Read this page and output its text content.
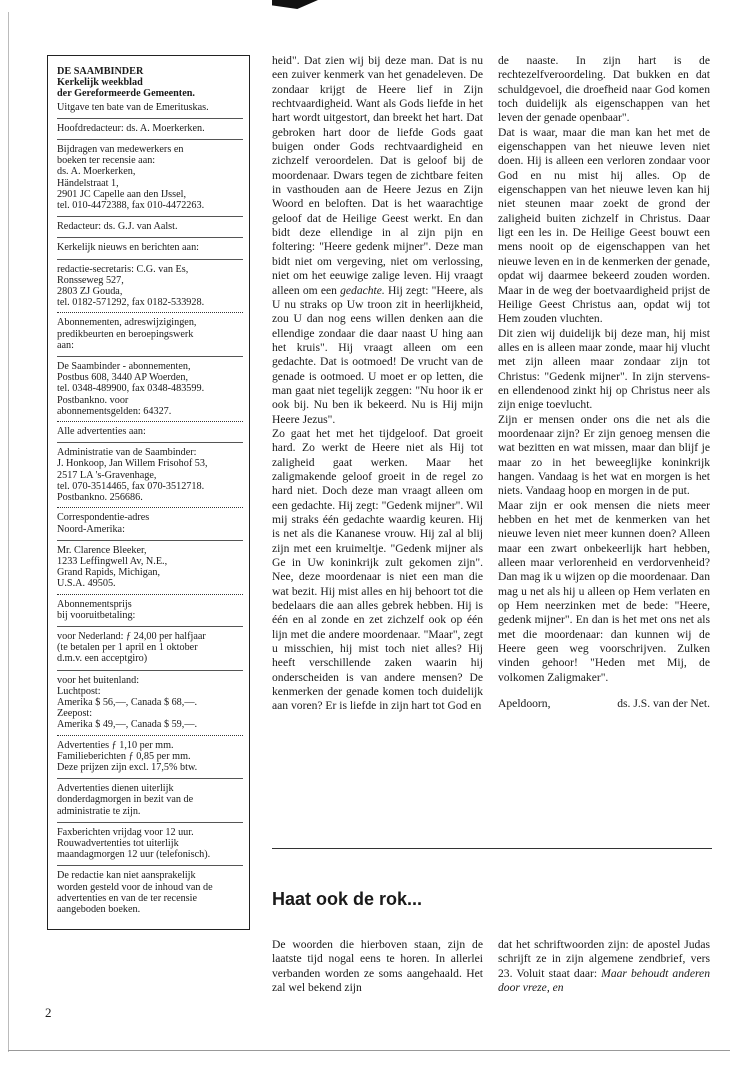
DE SAAMBINDER
Kerkelijk weekblad
der Gereformeerde Gemeenten.
Uitgave ten bate van de Emerituskas.
Hoofdredacteur: ds. A. Moerkerken.
Bijdragen van medewerkers en
boeken ter recensie aan:
ds. A. Moerkerken,
Händelstraat 1,
2901 JC Capelle aan den IJssel,
tel. 010-4472388, fax 010-4472263.
Redacteur: ds. G.J. van Aalst.
Kerkelijk nieuws en berichten aan:
redactie-secretaris: C.G. van Es,
Ronsseweg 527,
2803 ZJ Gouda,
tel. 0182-571292, fax 0182-533928.
Abonnementen, adreswijzigingen,
predikbeurten en beroepingswerk
aan:
De Saambinder - abonnementen,
Postbus 608, 3440 AP Woerden,
tel. 0348-489900, fax 0348-483599.
Postbankno. voor
abonnementsgelden: 64327.
Alle advertenties aan:
Administratie van de Saambinder:
J. Honkoop, Jan Willem Frisohof 53,
2517 LA 's-Gravenhage,
tel. 070-3514465, fax 070-3512718.
Postbankno. 256686.
Correspondentie-adres
Noord-Amerika:
Mr. Clarence Bleeker,
1233 Leffingwell Av, N.E.,
Grand Rapids, Michigan,
U.S.A. 49505.
Abonnementsprijs
bij vooruitbetaling:
voor Nederland: ƒ 24,00 per halfjaar
(te betalen per 1 april en 1 oktober
d.m.v. een acceptgiro)
voor het buitenland:
Luchtpost:
Amerika $ 56,—, Canada $ 68,—.
Zeepost:
Amerika $ 49,—, Canada $ 59,—.
Advertenties ƒ 1,10 per mm.
Familieberichten ƒ 0,85 per mm.
Deze prijzen zijn excl. 17,5% btw.
Advertenties dienen uiterlijk
donderdagmorgen in bezit van de
administratie te zijn.
Faxberichten vrijdag voor 12 uur.
Rouwadvertenties tot uiterlijk
maandagmorgen 12 uur (telefonisch).
De redactie kan niet aansprakelijk
worden gesteld voor de inhoud van de
advertenties en van de ter recensie
aangeboden boeken.

heid". Dat zien wij bij deze man. Dat is nu een zuiver kenmerk van het genadeleven. De zondaar krijgt de Heere lief in Zijn rechtvaardigheid. Want als Gods liefde in het hart wordt uitgestort, dan breekt het hart. Dat gebroken hart door de liefde Gods gaat buigen onder Gods rechtvaardigheid en zichzelf veroordelen. Dat is geloof bij de moordenaar. Dwars tegen de zichtbare feiten in vasthouden aan de Heere Jezus en Zijn Woord en beloften. Dat is het waarachtige geloof dat de Heilige Geest werkt. En dan bidt deze ellendige in al zijn pijn en foltering: "Heere gedenk mijner". Deze man bidt niet om vergeving, niet om verlossing, niet om het eeuwige zalige leven. Hij vraagt alleen om een gedachte. Hij zegt: "Heere, als U nu straks op Uw troon zit in heerlijkheid, zou U dan nog eens willen denken aan die ellendige zondaar die daar naast U hing aan het kruis". Hij vraagt alleen om een gedachte. Dat is ootmoed! De vrucht van de genade is ootmoed. U moet er op letten, die man gaat niet tegelijk zeggen: "Nu hoor ik er ook bij. Nu ben ik bekeerd. Nu is Hij mijn Heere Jezus".

Zo gaat het met het tijdgeloof. Dat groeit hard. Zo werkt de Heere niet als Hij tot zaligheid gaat werken. Maar het zaligmakende geloof groeit in de regel zo hard niet. Doch deze man vraagt alleen om een gedachte. Hij zegt: "Gedenk mijner". Wil mij straks één gedachte waardig keuren. Hij is net als die Kananese vrouw. Hij zal al blij zijn met een kruimeltje. "Gedenk mijner als Ge in Uw koninkrijk zult gekomen zijn". Nee, deze moordenaar is niet een man die wat bezit. Hij mist alles en hij behoort tot die bedelaars die aan alles gebrek hebben. Hij is één en al zonde en zet zichzelf ook op één lijn met die andere moordenaar. "Maar", zegt u misschien, hij mist toch niet alles? Hij heeft verschillende zaken waarin hij onderscheiden is van andere mensen? De kenmerken der genade komen toch duidelijk aan voren? Er is liefde in zijn hart tot God en

de naaste. In zijn hart is de rechtezelfveroordeling. Dat bukken en dat schuldgevoel, die droefheid naar God komen toch duidelijk als eigenschappen van het leven der genade openbaar".

Dat is waar, maar die man kan het met de eigenschappen van het nieuwe leven niet doen. Hij is alleen een verloren zondaar voor God en nu mist hij alles. Op de eigenschappen van het nieuwe leven kan hij niet steunen maar zoekt de grond der zaligheid buiten zichzelf in Christus. Daar ligt een les in. De Heilige Geest bouwt een mens nooit op de eigenschappen van het nieuwe leven en in de kenmerken der genade, opdat wij daarmee bekeerd zouden worden. Maar in de weg der boetvaardigheid prijst de Heilige Geest Christus aan, opdat wij tot Hem zouden vluchten.

Dit zien wij duidelijk bij deze man, hij mist alles en is alleen maar zonde, maar hij vlucht met zijn alleen maar zondaar zijn tot Christus: "Gedenk mijner". In zijn stervens- en ellendenood zinkt hij op Christus neer als zijn enige toevlucht.

Zijn er mensen onder ons die net als die moordenaar zijn? Er zijn genoeg mensen die wat bezitten en wat missen, maar dan blijf je maar zo in het beweeglijke koninkrijk hangen. Vandaag is het wat en morgen is het niets. Vandaag hoop en morgen in de put.

Maar zijn er ook mensen die niets meer hebben en het met de kenmerken van het nieuwe leven niet meer kunnen doen? Alleen maar een zwart onbekeerlijk hart hebben, alleen maar verlorenheid en verdorvenheid? Dan mag ik u wijzen op die moordenaar. Dan mag u net als hij u alleen op Hem verlaten en op Hem neerzinken met de bede: "Heere, gedenk mijner". En dan is het met ons net als met die moordenaar: dan kunnen wij de Heere geen weg voorschrijven. Zulken vinden gehoor! "Heden met Mij, de volkomen Zaligmaker".

Apeldoorn,	ds. J.S. van der Net.
Haat ook de rok...

De woorden die hierboven staan, zijn de laatste tijd nogal eens te horen. In allerlei verbanden worden ze soms aangehaald. Het zal wel bekend zijn

dat het schriftwoorden zijn: de apostel Judas schrijft ze in zijn algemene zendbrief, vers 23. Voluit staat daar: Maar behoudt anderen door vreze, en

2
